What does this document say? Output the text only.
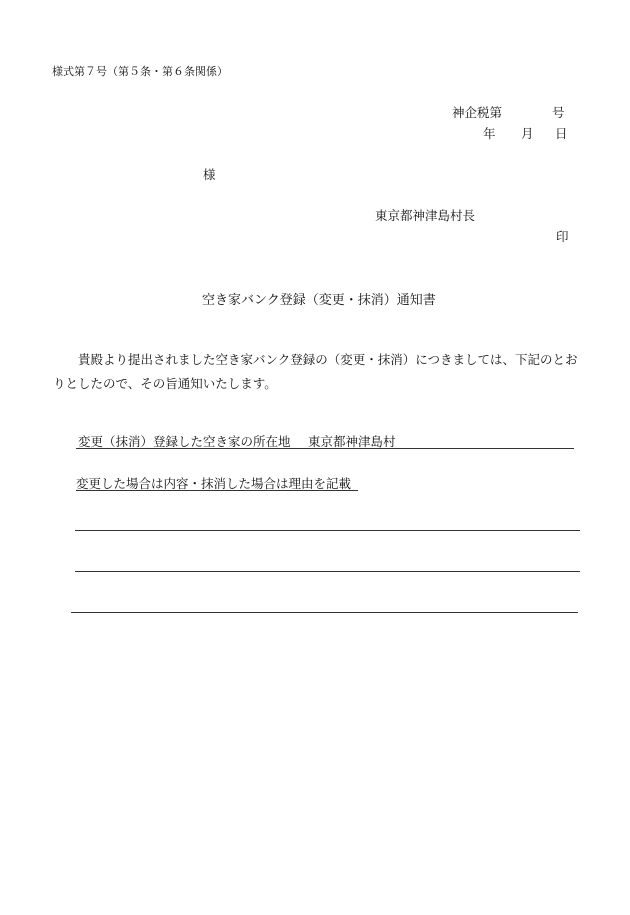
様式第７号（第５条・第６条関係）
神企税第	号
年 月 日
様
東京都神津島村長
印
空き家バンク登録（変更・抹消）通知書
貴殿より提出されました空き家バンク登録の（変更・抹消）につきましては、下記のとおりとしたので、その旨通知いたします。
変更（抹消）登録した空き家の所在地 東京都神津島村
変更した場合は内容・抹消した場合は理由を記載
